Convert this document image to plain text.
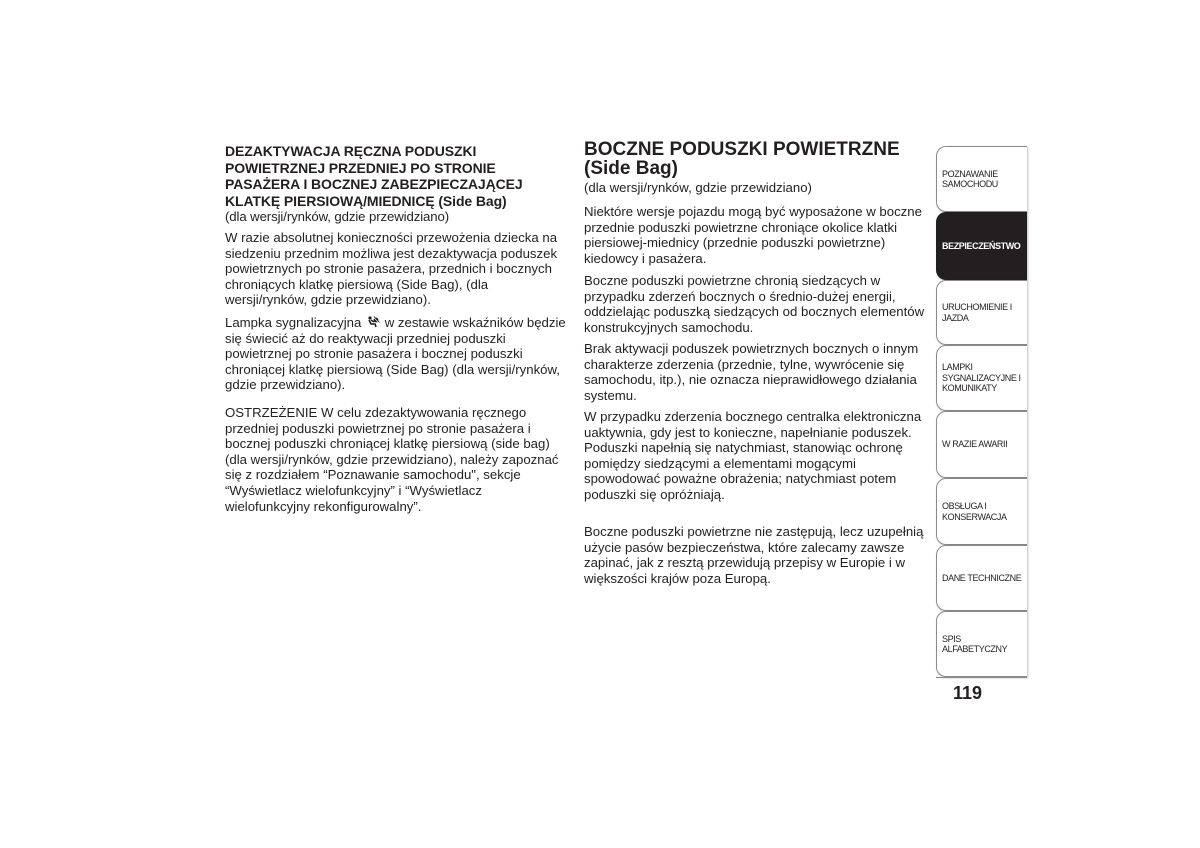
DEZAKTYWACJA RĘCZNA PODUSZKI POWIETRZNEJ PRZEDNIEJ PO STRONIE PASAŻERA I BOCZNEJ ZABEZPIECZAJĄCEJ KLATKĘ PIERSIOWĄ/MIEDNICĘ (Side Bag)
(dla wersji/rynków, gdzie przewidziano)

W razie absolutnej konieczności przewożenia dziecka na siedzeniu przednim możliwa jest dezaktywacja poduszek powietrznych po stronie pasażera, przednich i bocznych chroniących klatkę piersiową (Side Bag), (dla wersji/rynków, gdzie przewidziano).

Lampka sygnalizacyjna w zestawie wskaźników będzie się świecić aż do reaktywacji przedniej poduszki powietrznej po stronie pasażera i bocznej poduszki chroniącej klatkę piersiową (Side Bag) (dla wersji/rynków, gdzie przewidziano).

OSTRZEŻENIE W celu zdezaktywowania ręcznego przedniej poduszki powietrznej po stronie pasażera i bocznej poduszki chroniącej klatkę piersiową (side bag) (dla wersji/rynków, gdzie przewidziano), należy zapoznać się z rozdziałem “Poznawanie samochodu", sekcje “Wyświetlacz wielofunkcyjny” i “Wyświetlacz wielofunkcyjny rekonfigurowalny”.

BOCZNE PODUSZKI POWIETRZNE (Side Bag)
(dla wersji/rynków, gdzie przewidziano)

Niektóre wersje pojazdu mogą być wyposażone w boczne przednie poduszki powietrzne chroniące okolice klatki piersiowej-miednicy (przednie poduszki powietrzne) kiedowcy i pasażera.

Boczne poduszki powietrzne chronią siedzących w przypadku zderzeń bocznych o średnio-dużej energii, oddzielając poduszką siedzących od bocznych elementów konstrukcyjnych samochodu.

Brak aktywacji poduszek powietrznych bocznych o innym charakterze zderzenia (przednie, tylne, wywrócenie się samochodu, itp.), nie oznacza nieprawidłowego działania systemu.

W przypadku zderzenia bocznego centralka elektroniczna uaktywnia, gdy jest to konieczne, napełnianie poduszek. Poduszki napełnią się natychmiast, stanowiąc ochronę pomiędzy siedzącymi a elementami mogącymi spowodować poważne obrażenia; natychmiast potem poduszki się opróżniają.

Boczne poduszki powietrzne nie zastępują, lecz uzupełnią użycie pasów bezpieczeństwa, które zalecamy zawsze zapinać, jak z resztą przewidują przepisy w Europie i w większości krajów poza Europą.

POZNAWANIE
SAMOCHODU
BEZPIECZEŃSTWO
URUCHOMIENIE I
JAZDA
LAMPKI
SYGNALIZACYJNE I
KOMUNIKATY
W RAZIE AWARII
OBSŁUGA I
KONSERWACJA
DANE TECHNICZNE
SPIS ALFABETYCZNY
119
